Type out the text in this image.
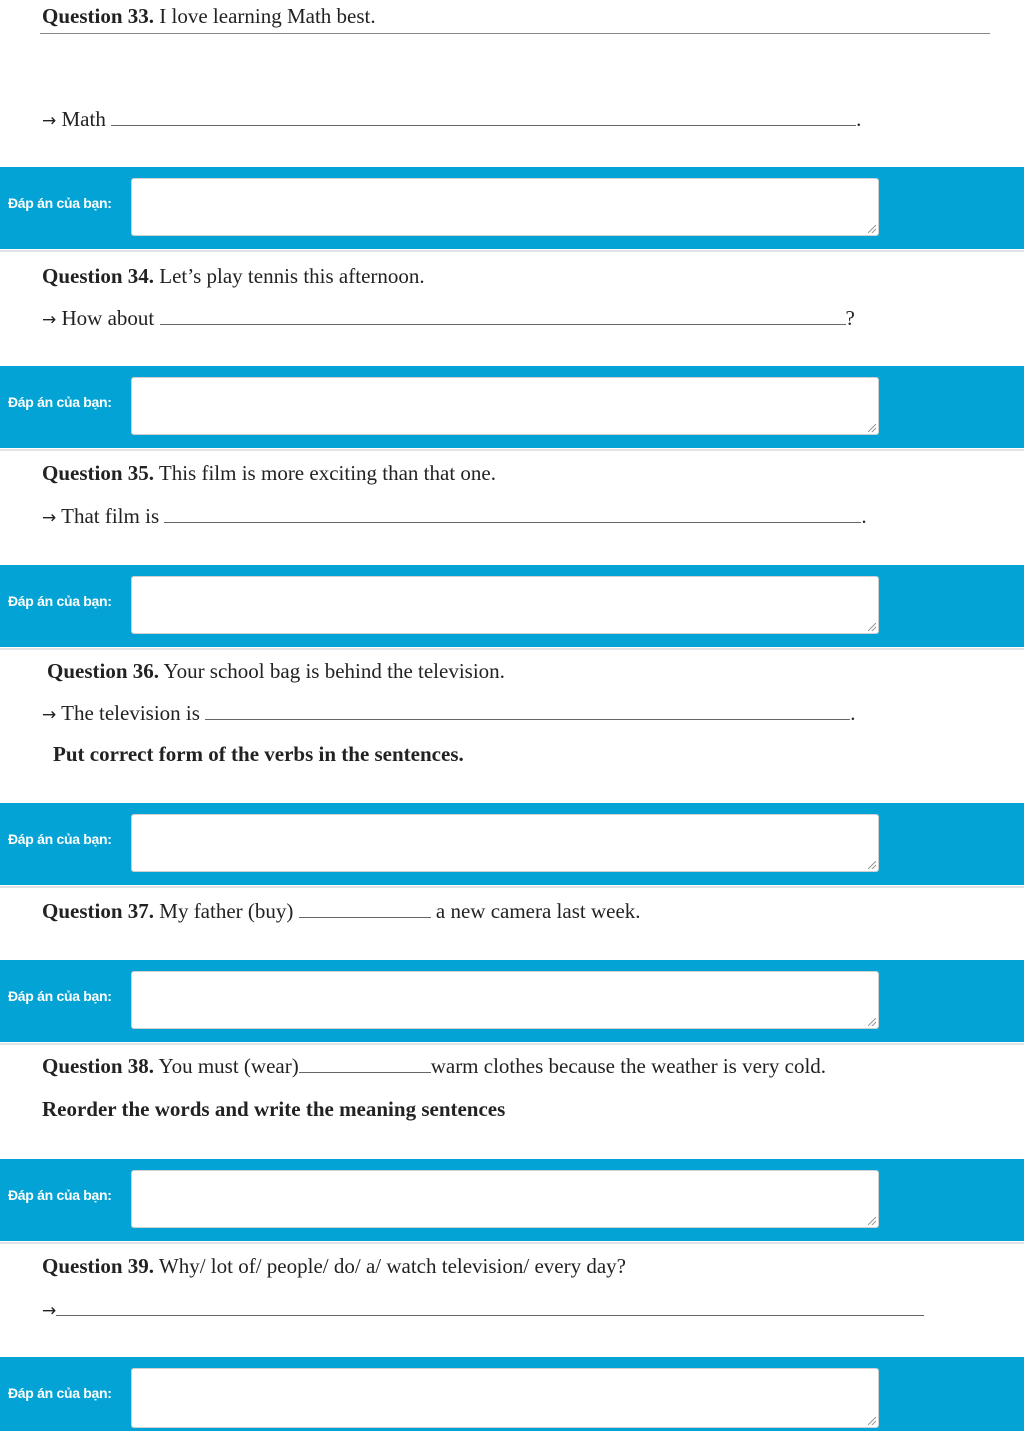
Question 33. I love learning Math best.
→ Math	.
Đáp án của bạn:
Question 34. Let’s play tennis this afternoon.
→ How about	?
Đáp án của bạn:
Question 35. This film is more exciting than that one.
→ That film is	.
Đáp án của bạn:
Question 36. Your school bag is behind the television.
→ The television is	.
Put correct form of the verbs in the sentences.
Đáp án của bạn:
Question 37. My father (buy)	a new camera last week.
Đáp án của bạn:
Question 38. You must (wear)	warm clothes because the weather is very cold.
Reorder the words and write the meaning sentences
Đáp án của bạn:
Question 39. Why/ lot of/ people/ do/ a/ watch television/ every day?
→
Đáp án của bạn:
